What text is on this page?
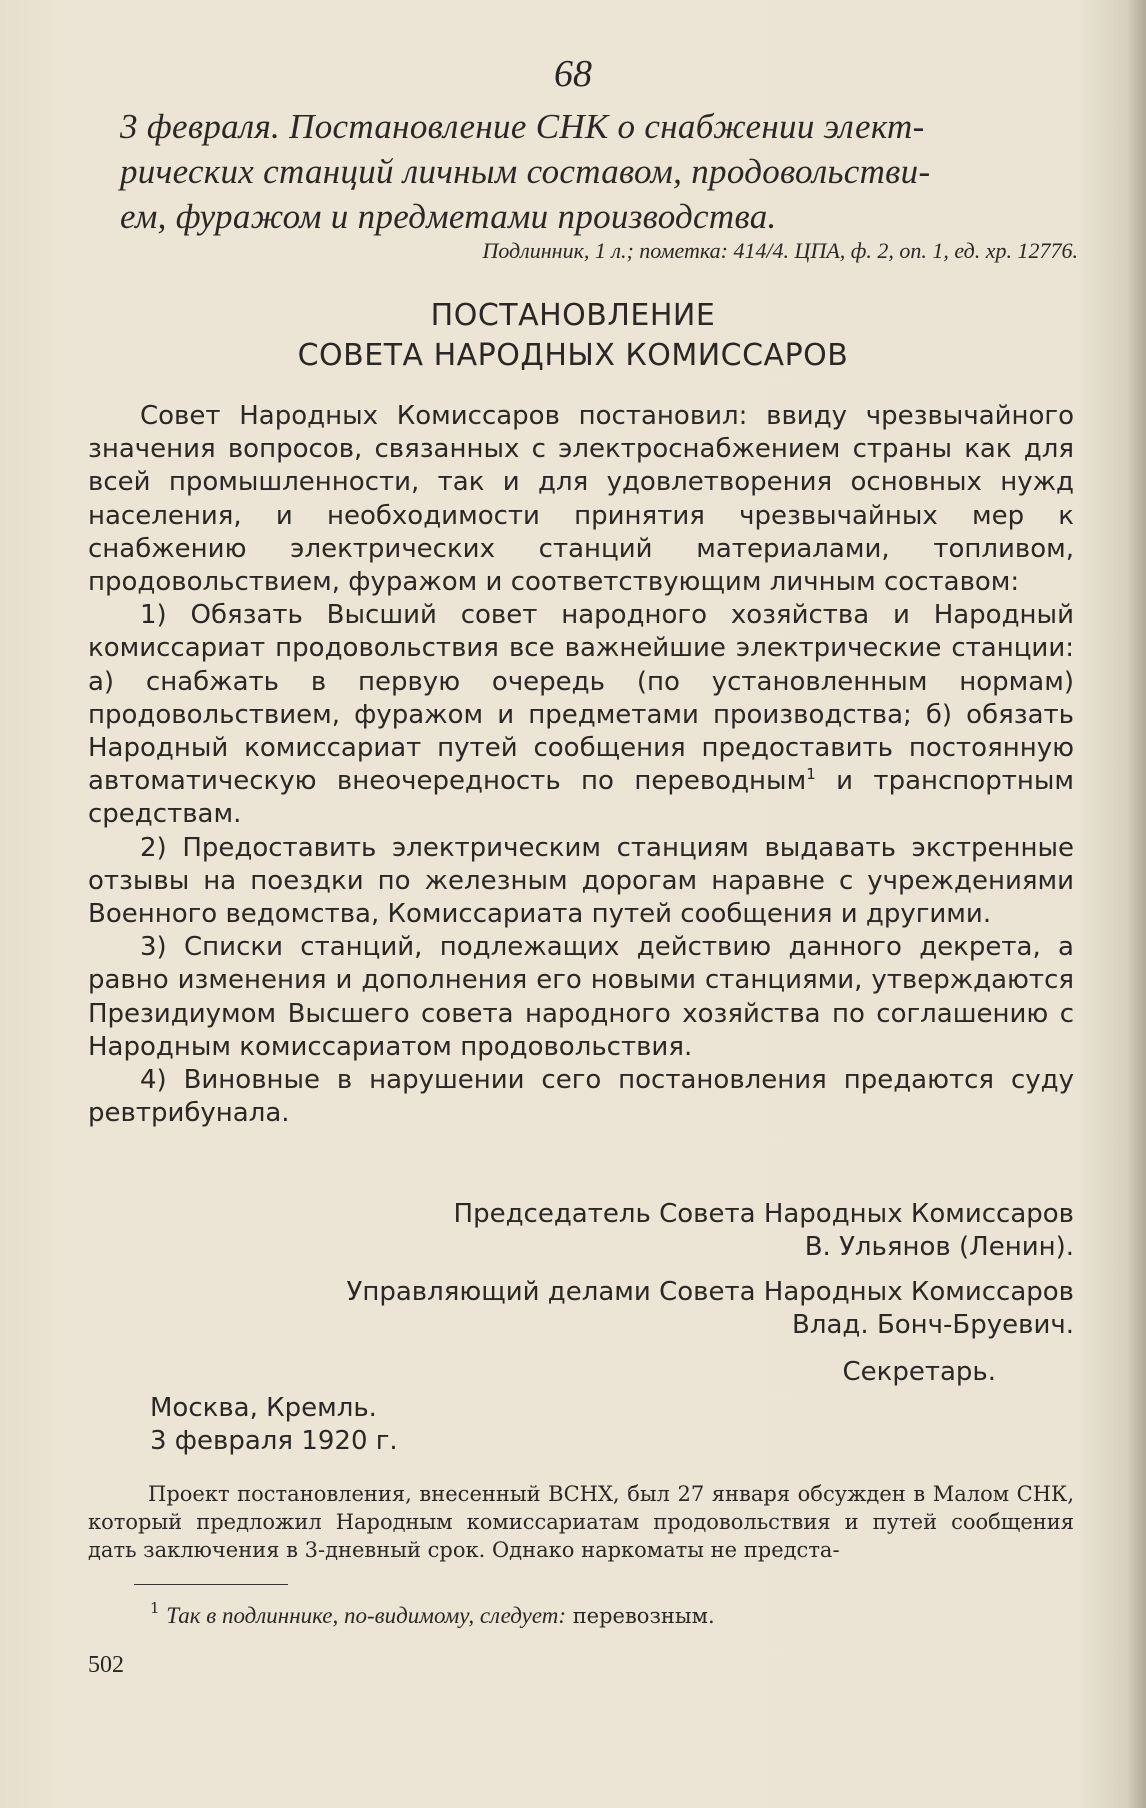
68
3 февраля. Постановление СНК о снабжении элект-
рических станций личным составом, продовольстви-
ем, фуражом и предметами производства.
Подлинник, 1 л.; пометка: 414/4. ЦПА, ф. 2, оп. 1, ед. хр. 12776.
ПОСТАНОВЛЕНИЕ
СОВЕТА НАРОДНЫХ КОМИССАРОВ

Совет Народных Комиссаров постановил: ввиду чрезвычайного значения вопросов, связанных с электроснабжением страны как для всей промышленности, так и для удовлетворения основных нужд населения, и необходимости принятия чрезвычайных мер к снабжению электрических станций материалами, топливом, продовольствием, фуражом и соответствующим личным составом:

1) Обязать Высший совет народного хозяйства и Народный комиссариат продовольствия все важнейшие электрические станции: а) снабжать в первую очередь (по установленным нормам) продовольствием, фуражом и предметами производства; б) обязать Народный комиссариат путей сообщения предоставить постоянную автоматическую внеочередность по переводным$^1$ и транспортным средствам.

2) Предоставить электрическим станциям выдавать экстренные отзывы на поездки по железным дорогам наравне с учреждениями Военного ведомства, Комиссариата путей сообщения и другими.

3) Списки станций, подлежащих действию данного декрета, а равно изменения и дополнения его новыми станциями, утверждаются Президиумом Высшего совета народного хозяйства по соглашению с Народным комиссариатом продовольствия.

4) Виновные в нарушении сего постановления предаются суду ревтрибунала.

Председатель Совета Народных Комиссаров
В. Ульянов (Ленин).
Управляющий делами Совета Народных Комиссаров
Влад. Бонч-Бруевич.
Секретарь.
Москва, Кремль.
3 февраля 1920 г.

Проект постановления, внесенный ВСНХ, был 27 января обсужден в Малом СНК, который предложил Народным комиссариатам продовольствия и путей сообщения дать заключения в 3-дневный срок. Однако наркоматы не предста-

$^1$ Так в подлиннике, по-видимому, следует: перевозным.
502
